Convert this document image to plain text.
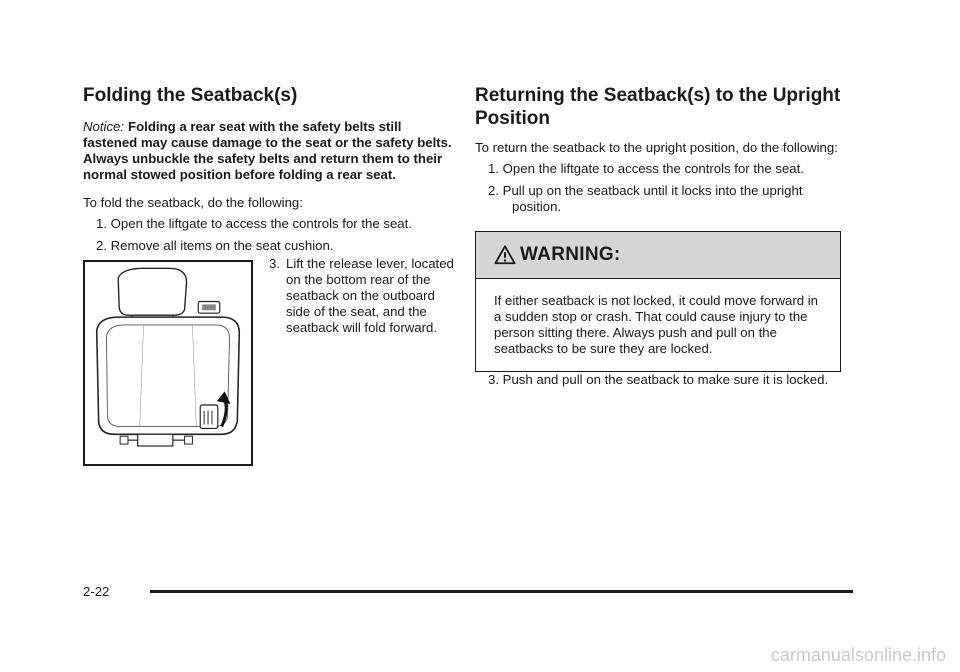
Folding the Seatback(s)

Notice: Folding a rear seat with the safety belts still fastened may cause damage to the seat or the safety belts. Always unbuckle the safety belts and return them to their normal stowed position before folding a rear seat.

To fold the seatback, do the following:

1. Open the liftgate to access the controls for the seat.
2. Remove all items on the seat cushion.
3. Lift the release lever, located on the bottom rear of the seatback on the outboard side of the seat, and the seatback will fold forward.
Returning the Seatback(s) to the Upright Position

To return the seatback to the upright position, do the following:

1. Open the liftgate to access the controls for the seat.
2. Pull up on the seatback until it locks into the upright position.
WARNING:
If either seatback is not locked, it could move forward in a sudden stop or crash. That could cause injury to the person sitting there. Always push and pull on the seatbacks to be sure they are locked.
3. Push and pull on the seatback to make sure it is locked.
2-22
carmanualsonline.info
